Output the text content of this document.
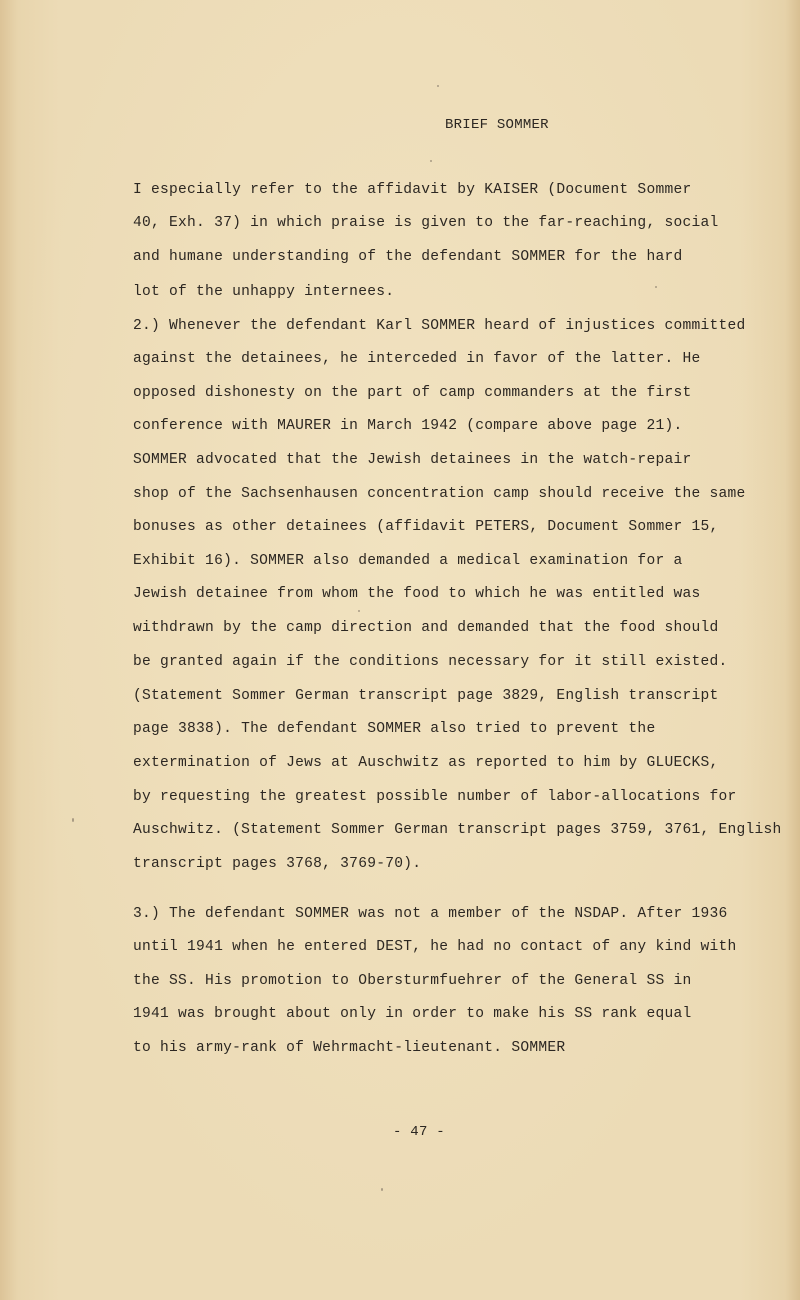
BRIEF SOMMER

I especially refer to the affidavit by KAISER (Document Sommer

40, Exh. 37) in which praise is given to the far-reaching, social

and humane understanding of the defendant SOMMER for the hard

lot of the unhappy internees.

2.) Whenever the defendant Karl SOMMER heard of injustices committed

against the detainees, he interceded in favor of the latter. He

opposed dishonesty on the part of camp commanders at the first

conference with MAURER in March 1942 (compare above page 21).

SOMMER advocated that the Jewish detainees in the watch-repair

shop of the Sachsenhausen concentration camp should receive the same

bonuses as other detainees (affidavit PETERS, Document Sommer 15,

Exhibit 16). SOMMER also demanded a medical examination for a

Jewish detainee from whom the food to which he was entitled was

withdrawn by the camp direction and demanded that the food should

be granted again if the conditions necessary for it still existed.

(Statement Sommer German transcript page 3829, English transcript

page 3838). The defendant SOMMER also tried to prevent the

extermination of Jews at Auschwitz as reported to him by GLUECKS,

by requesting the greatest possible number of labor-allocations for

Auschwitz. (Statement Sommer German transcript pages 3759, 3761, English

transcript pages 3768, 3769-70).

3.) The defendant SOMMER was not a member of the NSDAP. After 1936

until 1941 when he entered DEST, he had no contact of any kind with

the SS. His promotion to Obersturmfuehrer of the General SS in

1941 was brought about only in order to make his SS rank equal

to his army-rank of Wehrmacht-lieutenant. SOMMER

- 47 -
